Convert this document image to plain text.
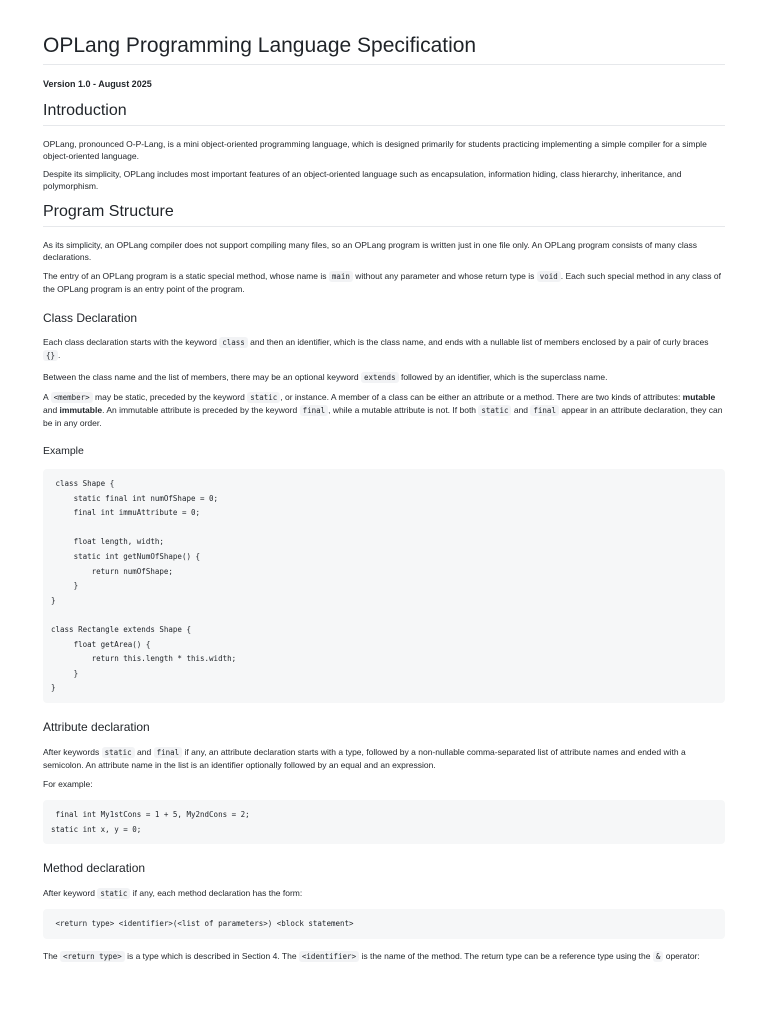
OPLang Programming Language Specification

Version 1.0 - August 2025

Introduction

OPLang, pronounced O-P-Lang, is a mini object-oriented programming language, which is designed primarily for students practicing implementing a simple compiler for a simple object-oriented language.

Despite its simplicity, OPLang includes most important features of an object-oriented language such as encapsulation, information hiding, class hierarchy, inheritance, and polymorphism.

Program Structure

As its simplicity, an OPLang compiler does not support compiling many files, so an OPLang program is written just in one file only. An OPLang program consists of many class declarations.

The entry of an OPLang program is a static special method, whose name is main without any parameter and whose return type is void . Each such special method in any class of the OPLang program is an entry point of the program.

Class Declaration

Each class declaration starts with the keyword class and then an identifier, which is the class name, and ends with a nullable list of members enclosed by a pair of curly braces {} .

Between the class name and the list of members, there may be an optional keyword extends followed by an identifier, which is the superclass name.

A <member> may be static, preceded by the keyword static , or instance. A member of a class can be either an attribute or a method. There are two kinds of attributes: mutable and immutable. An immutable attribute is preceded by the keyword final , while a mutable attribute is not. If both static and final appear in an attribute declaration, they can be in any order.

Example
class Shape {
static final int numOfShape = 0;
final int immuAttribute = 0;

float length, width;
static int getNumOfShape() {
return numOfShape;
}
}

class Rectangle extends Shape {
float getArea() {
return this.length * this.width;
}
}
Attribute declaration

After keywords static and final if any, an attribute declaration starts with a type, followed by a non-nullable comma-separated list of attribute names and ended with a semicolon. An attribute name in the list is an identifier optionally followed by an equal and an expression.

For example:

final int My1stCons = 1 + 5, My2ndCons = 2;
static int x, y = 0;
Method declaration

After keyword static if any, each method declaration has the form:

<return type> <identifier>(<list of parameters>) <block statement>

The <return type> is a type which is described in Section 4. The <identifier> is the name of the method. The return type can be a reference type using the & operator:
